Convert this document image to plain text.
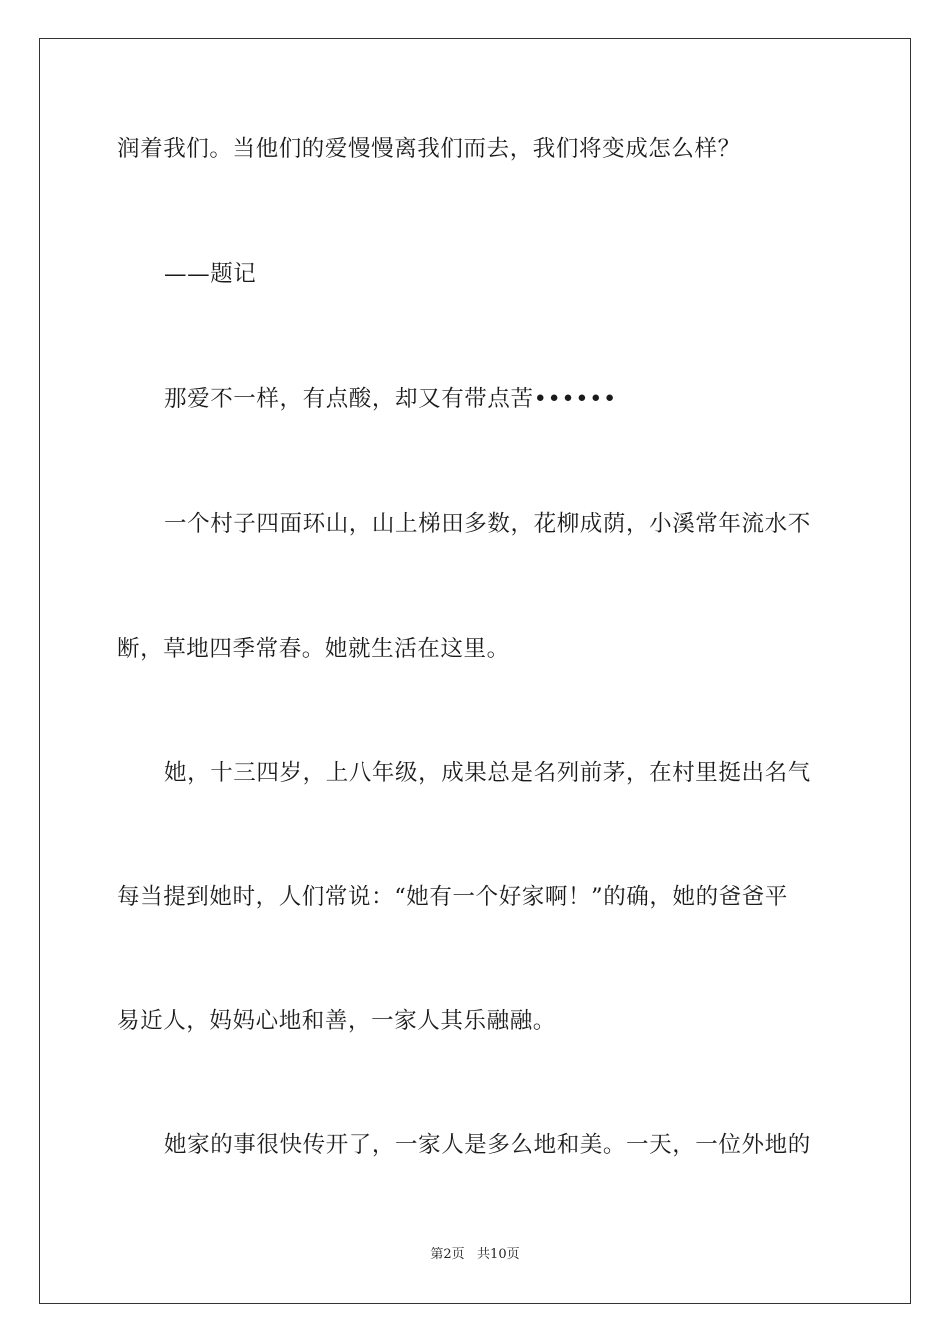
润着我们。当他们的爱慢慢离我们而去，我们将变成怎么样？
——题记
那爱不一样，有点酸，却又有带点苦••••••
一个村子四面环山，山上梯田多数，花柳成荫，小溪常年流水不
断，草地四季常春。她就生活在这里。
她，十三四岁，上八年级，成果总是名列前茅，在村里挺出名气
每当提到她时，人们常说：“她有一个好家啊！”的确，她的爸爸平
易近人，妈妈心地和善，一家人其乐融融。
她家的事很快传开了，一家人是多么地和美。一天，一位外地的
第2页   共10页
